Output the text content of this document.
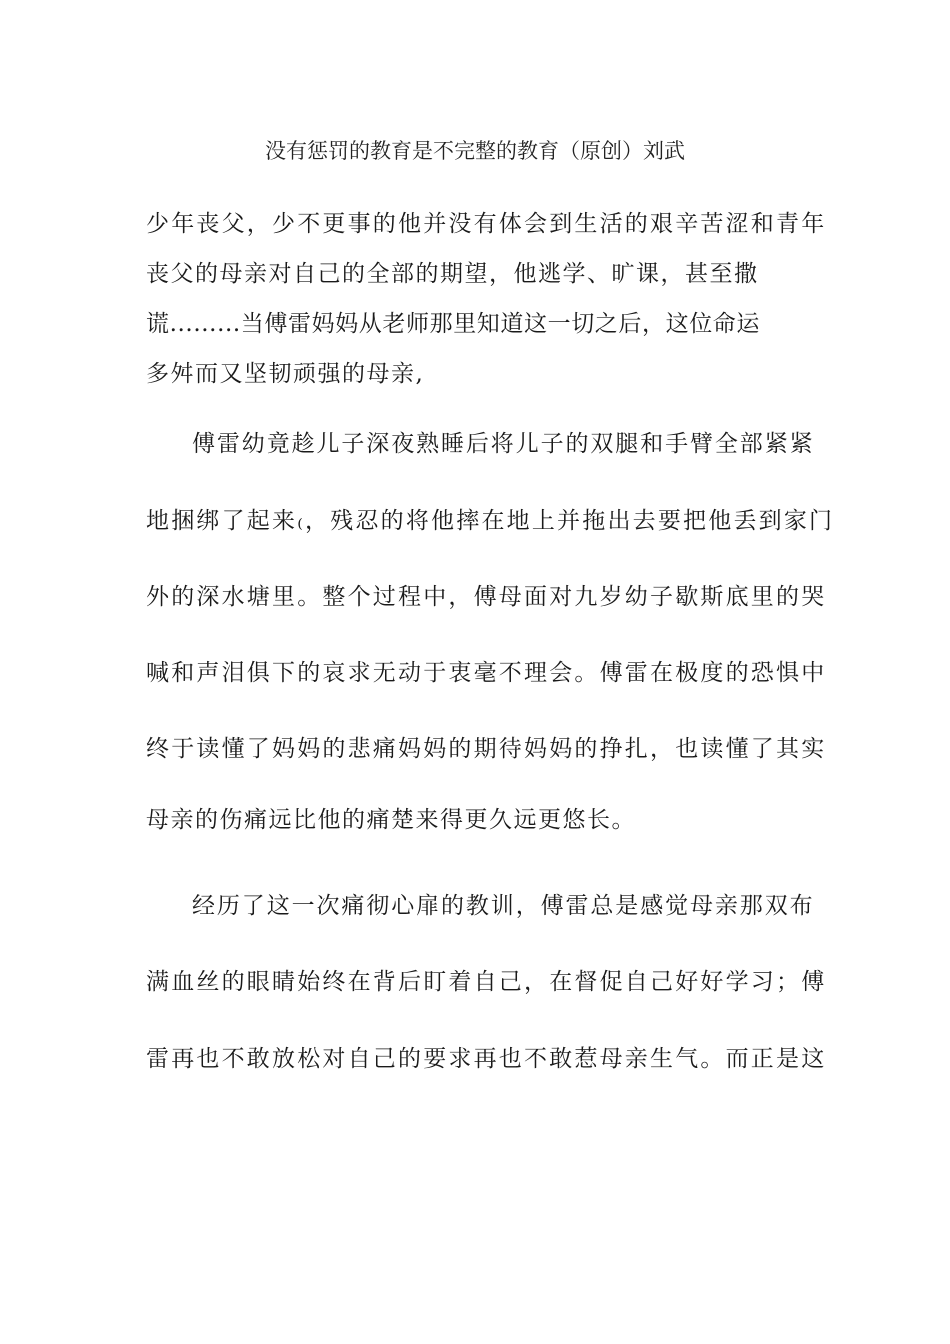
没有惩罚的教育是不完整的教育（原创）刘武

少年丧父，少不更事的他并没有体会到生活的艰辛苦涩和青年

丧父的母亲对自己的全部的期望，他逃学、旷课，甚至撒

谎.........当傅雷妈妈从老师那里知道这一切之后，这位命运

多舛而又坚韧顽强的母亲,

傅雷幼竟趁儿子深夜熟睡后将儿子的双腿和手臂全部紧紧

地捆绑了起来₍，残忍的将他摔在地上并拖出去要把他丢到家门

外的深水塘里。整个过程中，傅母面对九岁幼子歇斯底里的哭

喊和声泪俱下的哀求无动于衷毫不理会。傅雷在极度的恐惧中

终于读懂了妈妈的悲痛妈妈的期待妈妈的挣扎，也读懂了其实

母亲的伤痛远比他的痛楚来得更久远更悠长。

经历了这一次痛彻心扉的教训，傅雷总是感觉母亲那双布

满血丝的眼睛始终在背后盯着自己，在督促自己好好学习；傅

雷再也不敢放松对自己的要求再也不敢惹母亲生气。而正是这
